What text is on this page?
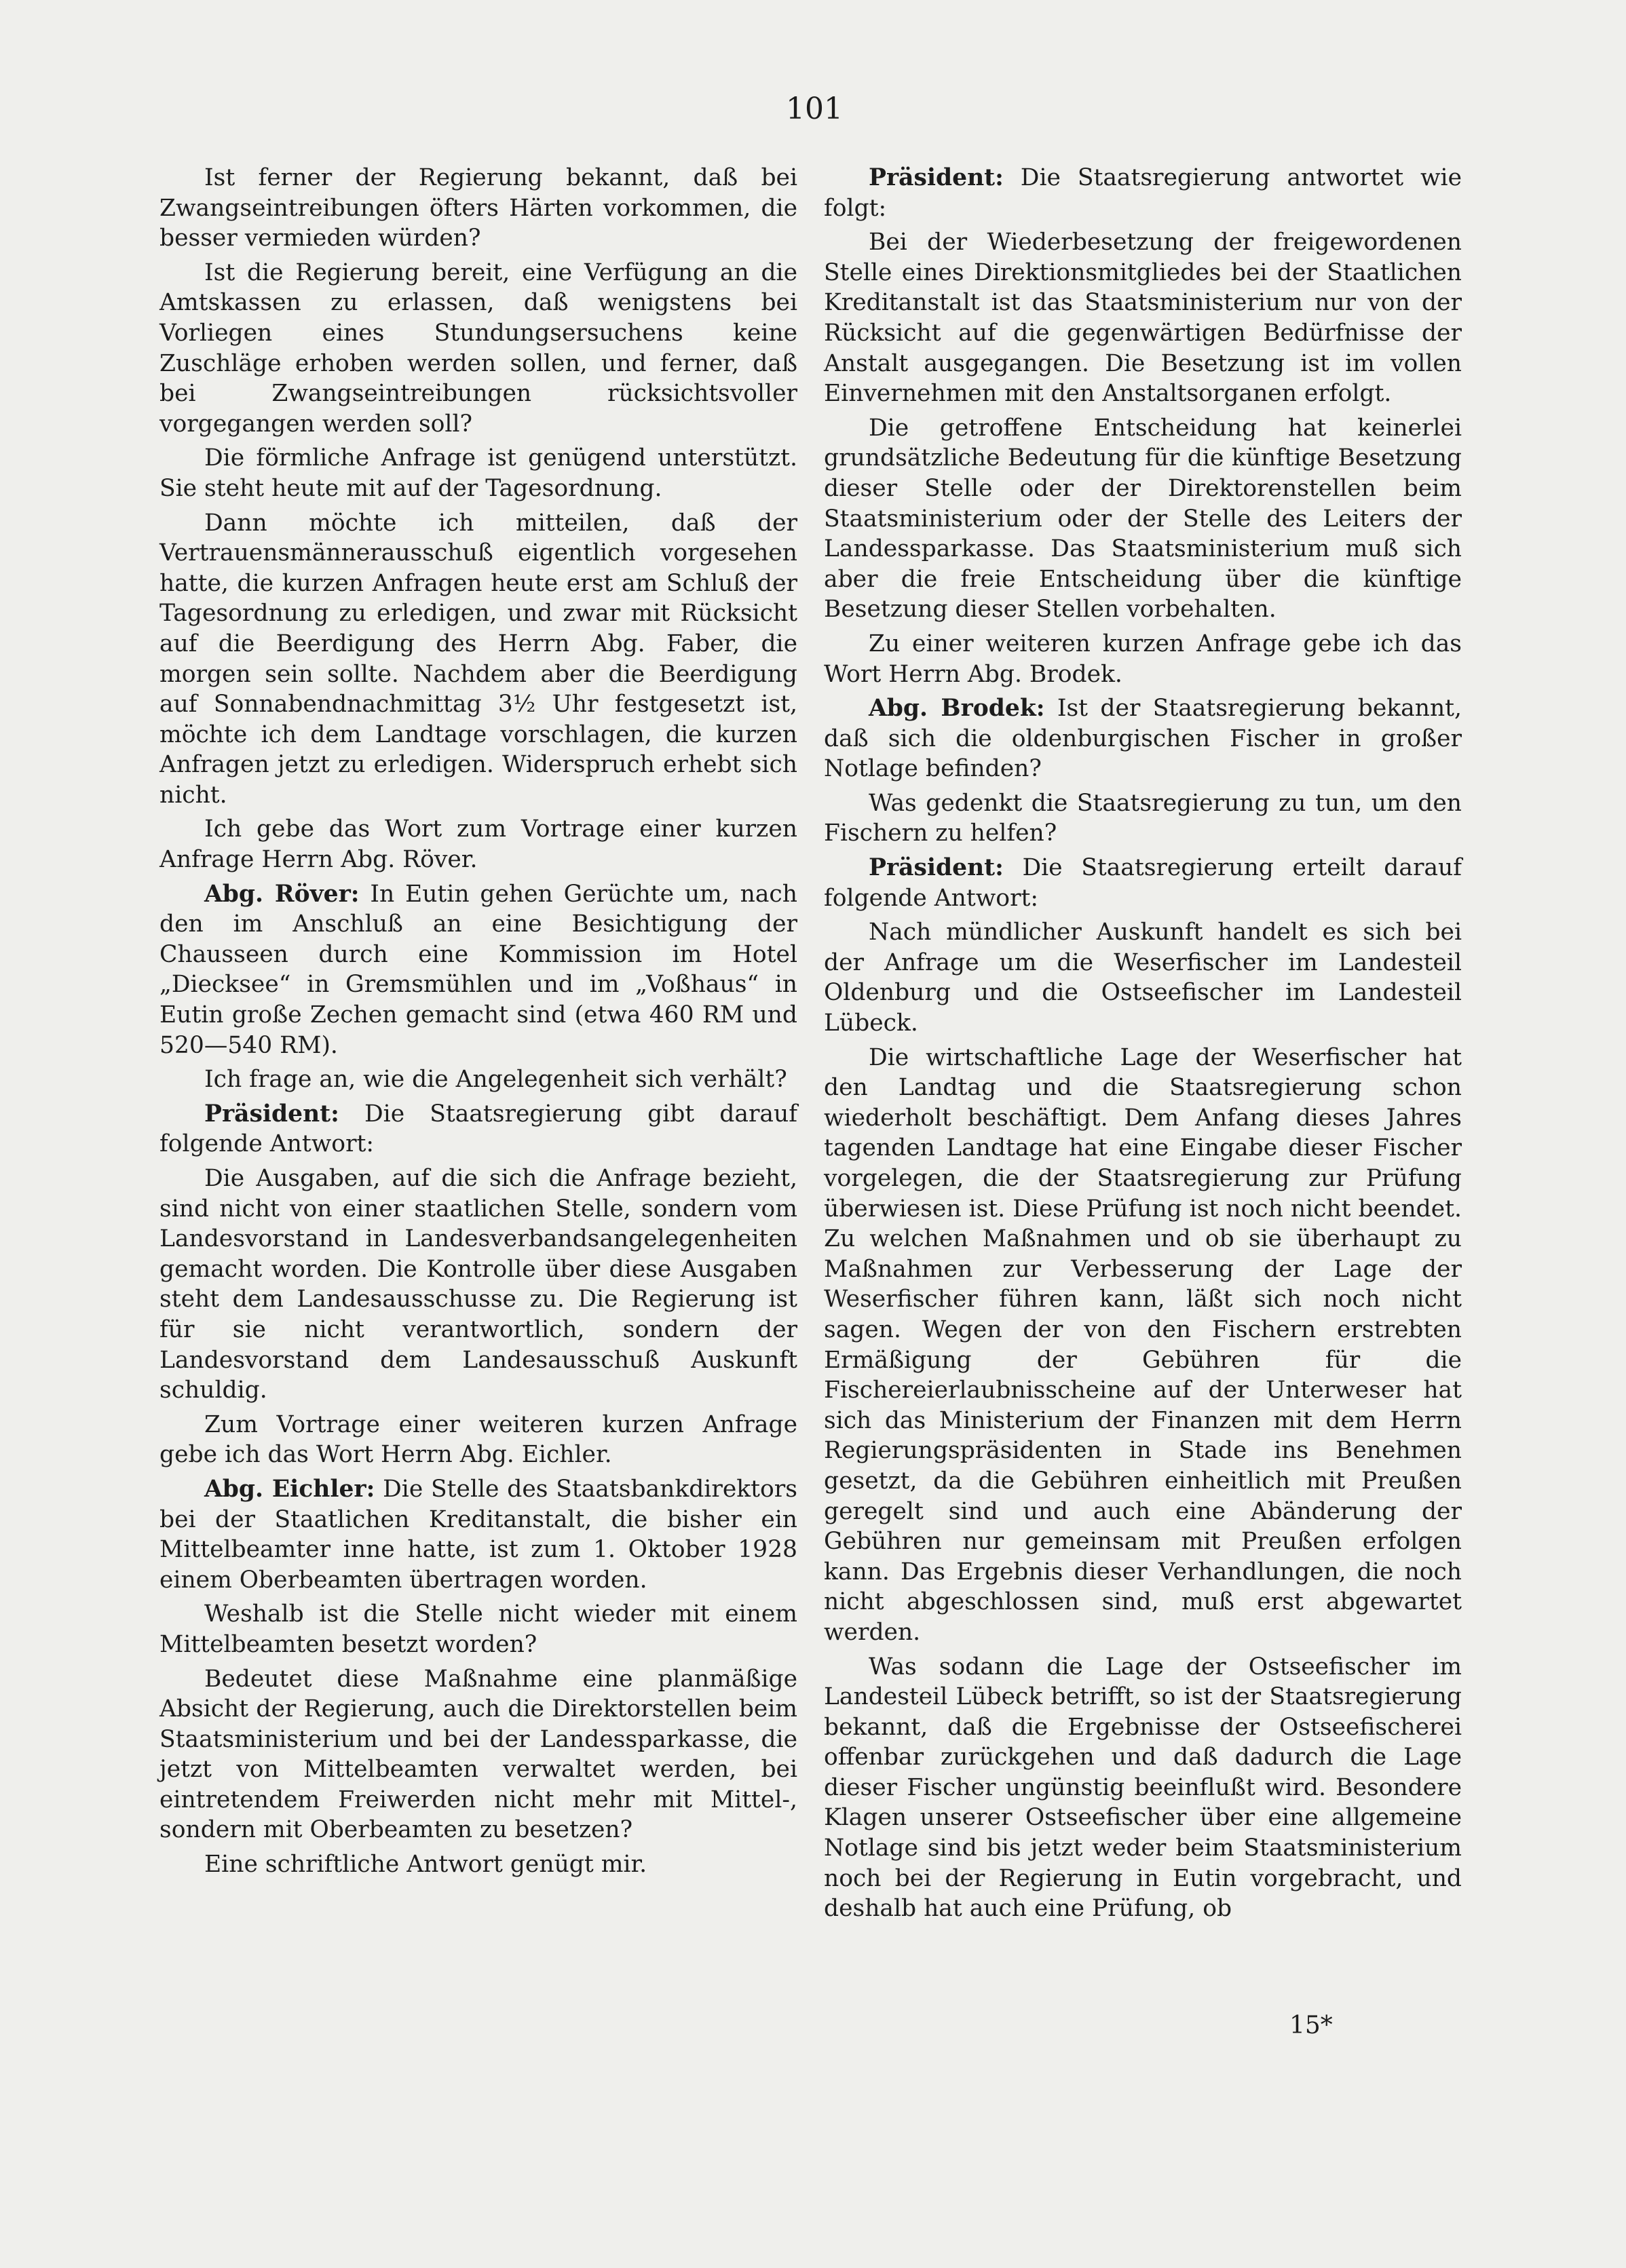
101

Ist ferner der Regierung bekannt, daß bei Zwangseintreibungen öfters Härten vorkommen, die besser vermieden würden?

Ist die Regierung bereit, eine Verfügung an die Amtskassen zu erlassen, daß wenigstens bei Vorliegen eines Stundungsersuchens keine Zuschläge erhoben werden sollen, und ferner, daß bei Zwangseintreibungen rücksichtsvoller vorgegangen werden soll?

Die förmliche Anfrage ist genügend unterstützt. Sie steht heute mit auf der Tagesordnung.

Dann möchte ich mitteilen, daß der Vertrauensmännerausschuß eigentlich vorgesehen hatte, die kurzen Anfragen heute erst am Schluß der Tagesordnung zu erledigen, und zwar mit Rücksicht auf die Beerdigung des Herrn Abg. Faber, die morgen sein sollte. Nachdem aber die Beerdigung auf Sonnabendnachmittag 3½ Uhr festgesetzt ist, möchte ich dem Landtage vorschlagen, die kurzen Anfragen jetzt zu erledigen. Widerspruch erhebt sich nicht.

Ich gebe das Wort zum Vortrage einer kurzen Anfrage Herrn Abg. Röver.

Abg. Röver: In Eutin gehen Gerüchte um, nach den im Anschluß an eine Besichtigung der Chausseen durch eine Kommission im Hotel „Diecksee“ in Gremsmühlen und im „Voßhaus“ in Eutin große Zechen gemacht sind (etwa 460 RM und 520—540 RM).

Ich frage an, wie die Angelegenheit sich verhält?

Präsident: Die Staatsregierung gibt darauf folgende Antwort:

Die Ausgaben, auf die sich die Anfrage bezieht, sind nicht von einer staatlichen Stelle, sondern vom Landesvorstand in Landesverbandsangelegenheiten gemacht worden. Die Kontrolle über diese Ausgaben steht dem Landesausschusse zu. Die Regierung ist für sie nicht verantwortlich, sondern der Landesvorstand dem Landesausschuß Auskunft schuldig.

Zum Vortrage einer weiteren kurzen Anfrage gebe ich das Wort Herrn Abg. Eichler.

Abg. Eichler: Die Stelle des Staatsbankdirektors bei der Staatlichen Kreditanstalt, die bisher ein Mittelbeamter inne hatte, ist zum 1. Oktober 1928 einem Oberbeamten übertragen worden.

Weshalb ist die Stelle nicht wieder mit einem Mittelbeamten besetzt worden?

Bedeutet diese Maßnahme eine planmäßige Absicht der Regierung, auch die Direktorstellen beim Staatsministerium und bei der Landessparkasse, die jetzt von Mittelbeamten verwaltet werden, bei eintretendem Freiwerden nicht mehr mit Mittel-, sondern mit Oberbeamten zu besetzen?

Eine schriftliche Antwort genügt mir.

Präsident: Die Staatsregierung antwortet wie folgt:

Bei der Wiederbesetzung der freigewordenen Stelle eines Direktionsmitgliedes bei der Staatlichen Kreditanstalt ist das Staatsministerium nur von der Rücksicht auf die gegenwärtigen Bedürfnisse der Anstalt ausgegangen. Die Besetzung ist im vollen Einvernehmen mit den Anstaltsorganen erfolgt.

Die getroffene Entscheidung hat keinerlei grundsätzliche Bedeutung für die künftige Besetzung dieser Stelle oder der Direktorenstellen beim Staatsministerium oder der Stelle des Leiters der Landessparkasse. Das Staatsministerium muß sich aber die freie Entscheidung über die künftige Besetzung dieser Stellen vorbehalten.

Zu einer weiteren kurzen Anfrage gebe ich das Wort Herrn Abg. Brodek.

Abg. Brodek: Ist der Staatsregierung bekannt, daß sich die oldenburgischen Fischer in großer Notlage befinden?

Was gedenkt die Staatsregierung zu tun, um den Fischern zu helfen?

Präsident: Die Staatsregierung erteilt darauf folgende Antwort:

Nach mündlicher Auskunft handelt es sich bei der Anfrage um die Weserfischer im Landesteil Oldenburg und die Ostseefischer im Landesteil Lübeck.

Die wirtschaftliche Lage der Weserfischer hat den Landtag und die Staatsregierung schon wiederholt beschäftigt. Dem Anfang dieses Jahres tagenden Landtage hat eine Eingabe dieser Fischer vorgelegen, die der Staatsregierung zur Prüfung überwiesen ist. Diese Prüfung ist noch nicht beendet. Zu welchen Maßnahmen und ob sie überhaupt zu Maßnahmen zur Verbesserung der Lage der Weserfischer führen kann, läßt sich noch nicht sagen. Wegen der von den Fischern erstrebten Ermäßigung der Gebühren für die Fischereierlaubnisscheine auf der Unterweser hat sich das Ministerium der Finanzen mit dem Herrn Regierungspräsidenten in Stade ins Benehmen gesetzt, da die Gebühren einheitlich mit Preußen geregelt sind und auch eine Abänderung der Gebühren nur gemeinsam mit Preußen erfolgen kann. Das Ergebnis dieser Verhandlungen, die noch nicht abgeschlossen sind, muß erst abgewartet werden.

Was sodann die Lage der Ostseefischer im Landesteil Lübeck betrifft, so ist der Staatsregierung bekannt, daß die Ergebnisse der Ostseefischerei offenbar zurückgehen und daß dadurch die Lage dieser Fischer ungünstig beeinflußt wird. Besondere Klagen unserer Ostseefischer über eine allgemeine Notlage sind bis jetzt weder beim Staatsministerium noch bei der Regierung in Eutin vorgebracht, und deshalb hat auch eine Prüfung, ob

15*
